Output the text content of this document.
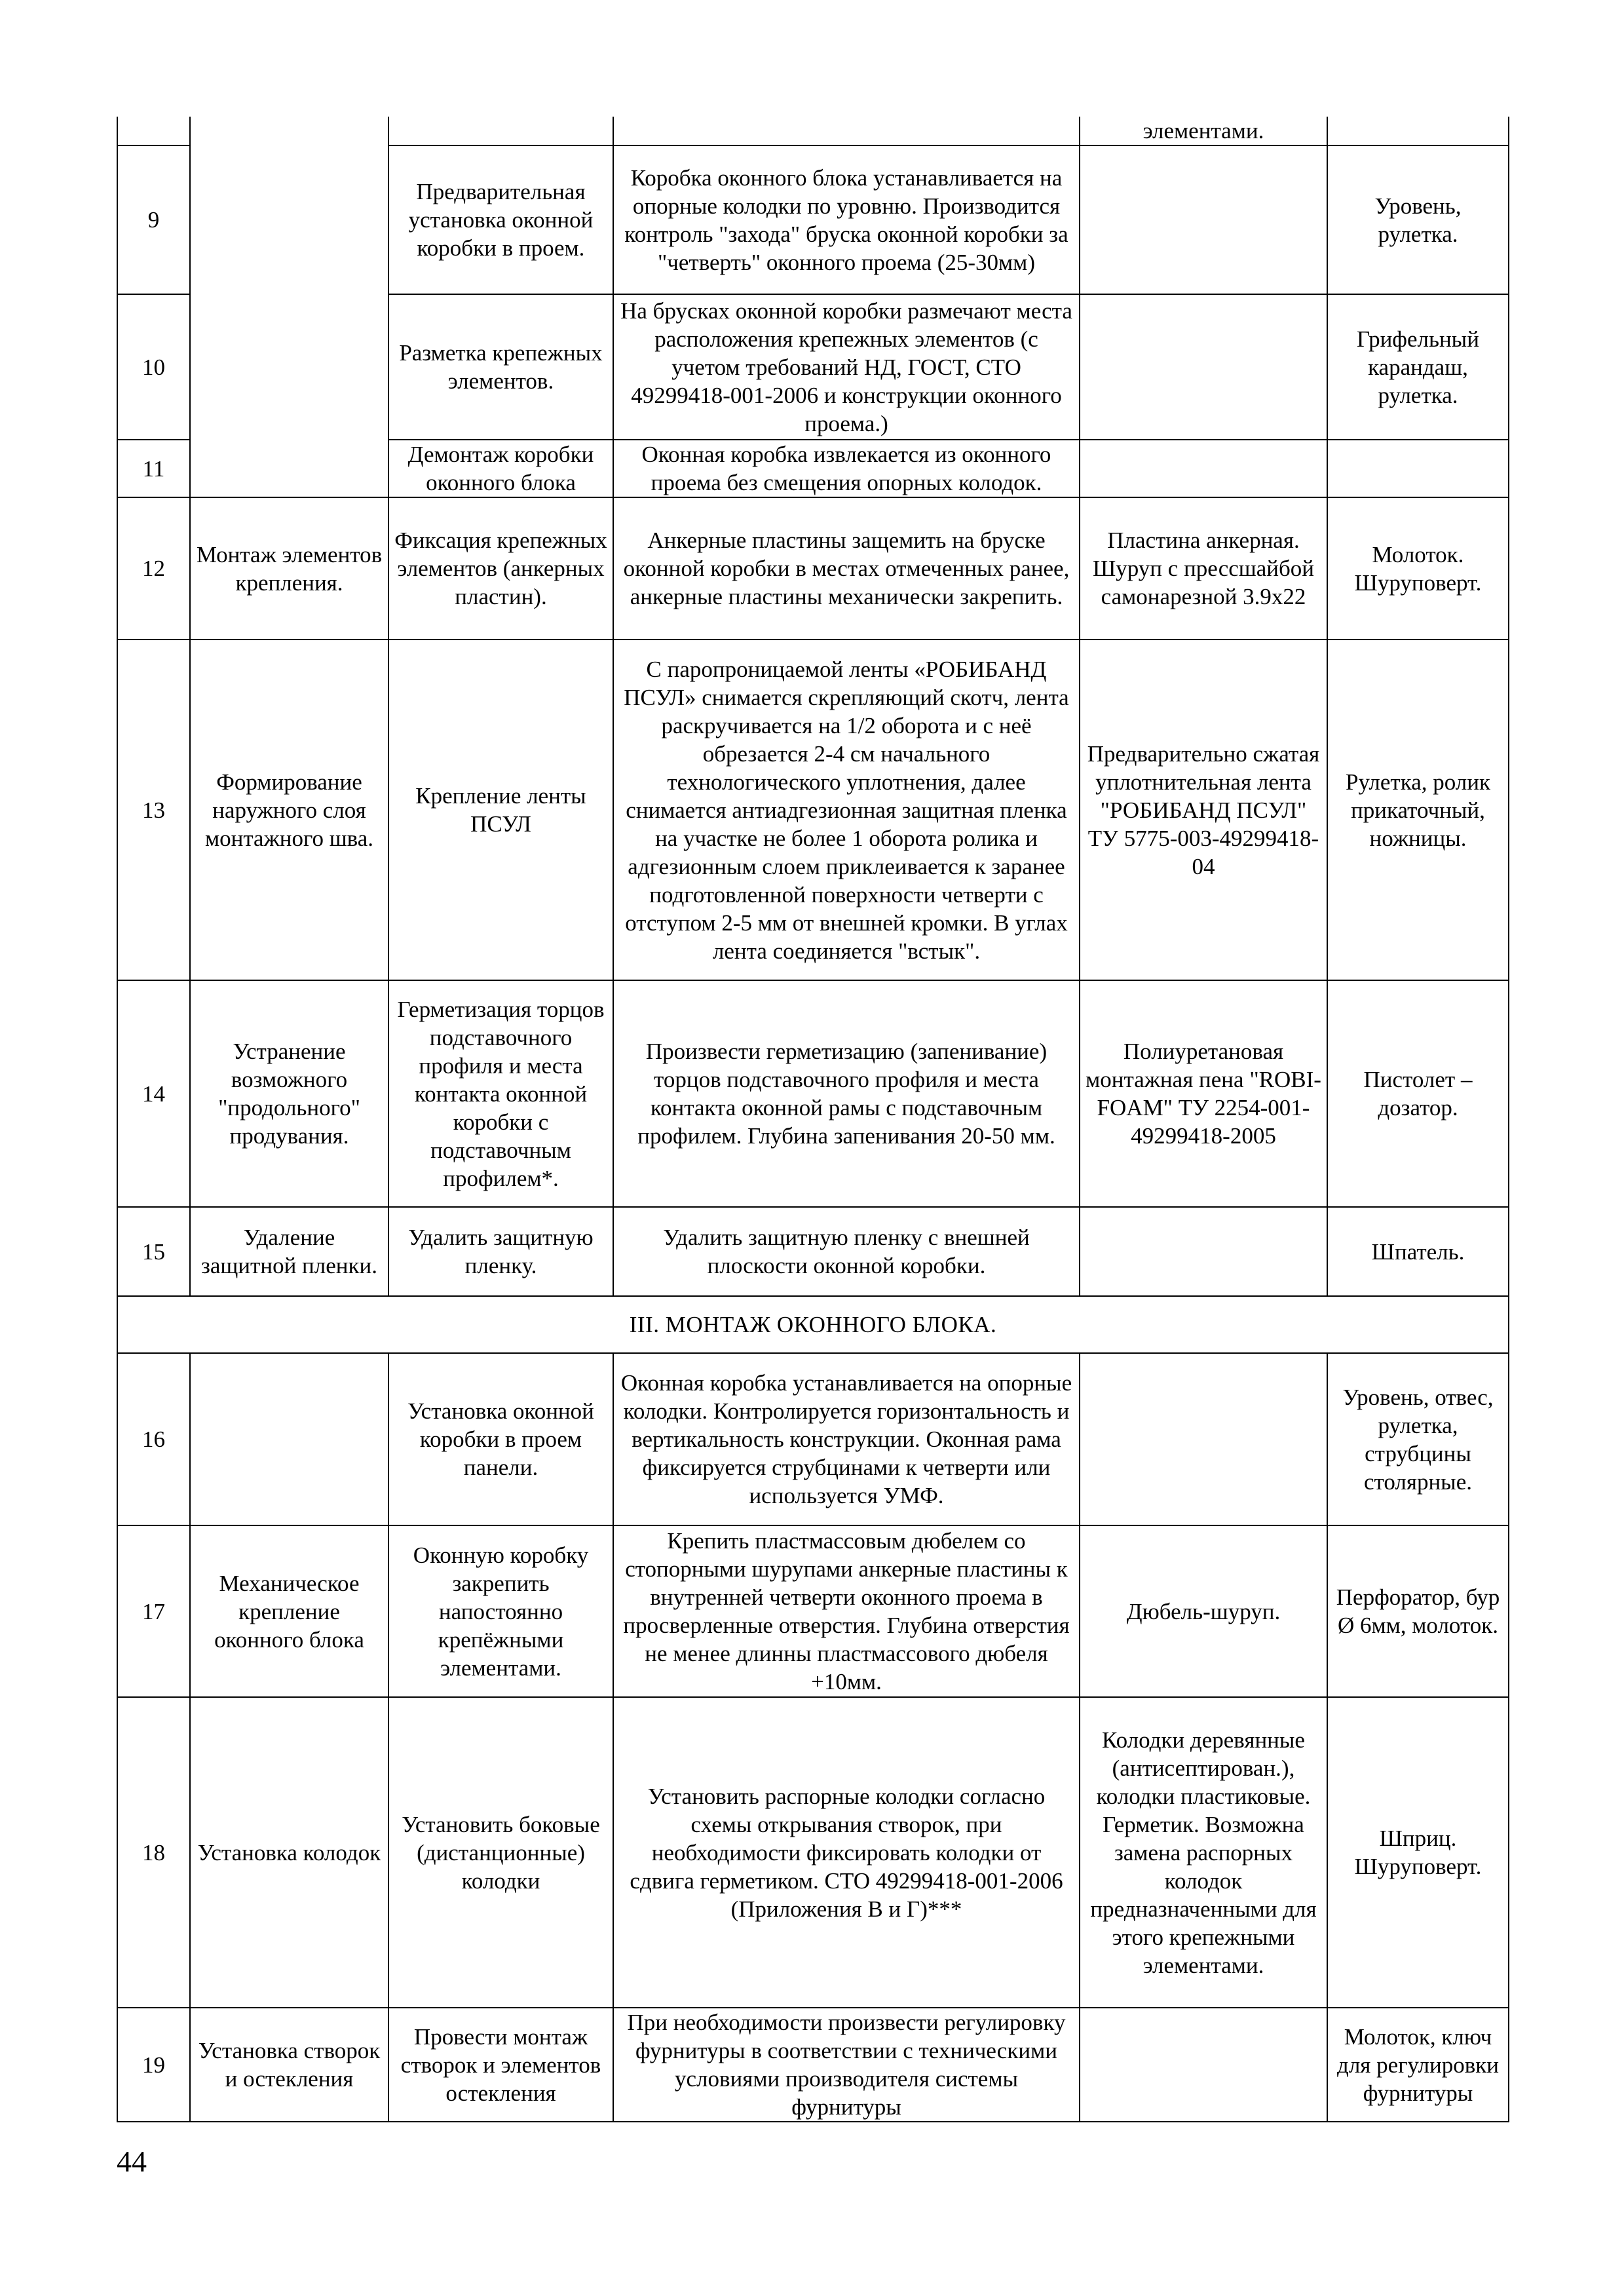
				элементами.	
9		Предварительная установка оконной коробки в проем.	Коробка оконного блока устанавливается на опорные колодки по уровню. Производится контроль "захода" бруска оконной коробки за "четверть" оконного проема (25-30мм)		Уровень, рулетка.
10		Разметка крепежных элементов.	На брусках оконной коробки размечают места расположения крепежных элементов (с учетом требований НД, ГОСТ, СТО 49299418-001-2006 и конструкции оконного проема.)		Грифельный карандаш, рулетка.
11		Демонтаж коробки оконного блока	Оконная коробка извлекается из оконного проема без смещения опорных колодок.		
12	Монтаж элементов крепления.	Фиксация крепежных элементов (анкерных пластин).	Анкерные пластины защемить на бруске оконной коробки в местах отмеченных ранее, анкерные пластины механически закрепить.	Пластина анкерная. Шуруп с прессшайбой самонарезной 3.9x22	Молоток. Шуруповерт.
13	Формирование наружного слоя монтажного шва.	Крепление ленты ПСУЛ	С паропроницаемой ленты «РОБИБАНД ПСУЛ» снимается скрепляющий скотч, лента раскручивается на 1/2 оборота и с неё обрезается 2-4 см начального технологического уплотнения, далее снимается антиадгезионная защитная пленка на участке не более 1 оборота ролика и адгезионным слоем приклеивается к заранее подготовленной поверхности четверти с отступом 2-5 мм от внешней кромки. В углах лента соединяется "встык".	Предварительно сжатая уплотнительная лента "РОБИБАНД ПСУЛ" ТУ 5775-003-49299418-04	Рулетка, ролик прикаточный, ножницы.
14	Устранение возможного "продольного" продувания.	Герметизация торцов подставочного профиля и места контакта оконной коробки с подставочным профилем*.	Произвести герметизацию (запенивание) торцов подставочного профиля и места контакта оконной рамы с подставочным профилем. Глубина запенивания 20-50 мм.	Полиуретановая монтажная пена "ROBI-FOAM" ТУ 2254-001-49299418-2005	Пистолет – дозатор.
15	Удаление защитной пленки.	Удалить защитную пленку.	Удалить защитную пленку с внешней плоскости оконной коробки.		Шпатель.
III. МОНТАЖ ОКОННОГО БЛОКА.					
16		Установка оконной коробки в проем панели.	Оконная коробка устанавливается на опорные колодки. Контролируется горизонтальность и вертикальность конструкции. Оконная рама фиксируется струбцинами к четверти или используется УМФ.		Уровень, отвес, рулетка, струбцины столярные.
17	Механическое крепление оконного блока	Оконную коробку закрепить напостоянно крепёжными элементами.	Крепить пластмассовым дюбелем со стопорными шурупами анкерные пластины к внутренней четверти оконного проема в просверленные отверстия. Глубина отверстия не менее длинны пластмассового дюбеля +10мм.	Дюбель-шуруп.	Перфоратор, бур Ø 6мм, молоток.
18	Установка колодок	Установить боковые (дистанционные) колодки	Установить распорные колодки согласно схемы открывания створок, при необходимости фиксировать колодки от сдвига герметиком. СТО 49299418-001-2006 (Приложения В и Г)***	Колодки деревянные (антисептирован.), колодки пластиковые. Герметик. Возможна замена распорных колодок предназначенными для этого крепежными элементами.	Шприц. Шуруповерт.
19	Установка створок и остекления	Провести монтаж створок и элементов остекления	При необходимости произвести регулировку фурнитуры в соответствии с техническими условиями производителя системы фурнитуры		Молоток, ключ для регулировки фурнитуры
44
